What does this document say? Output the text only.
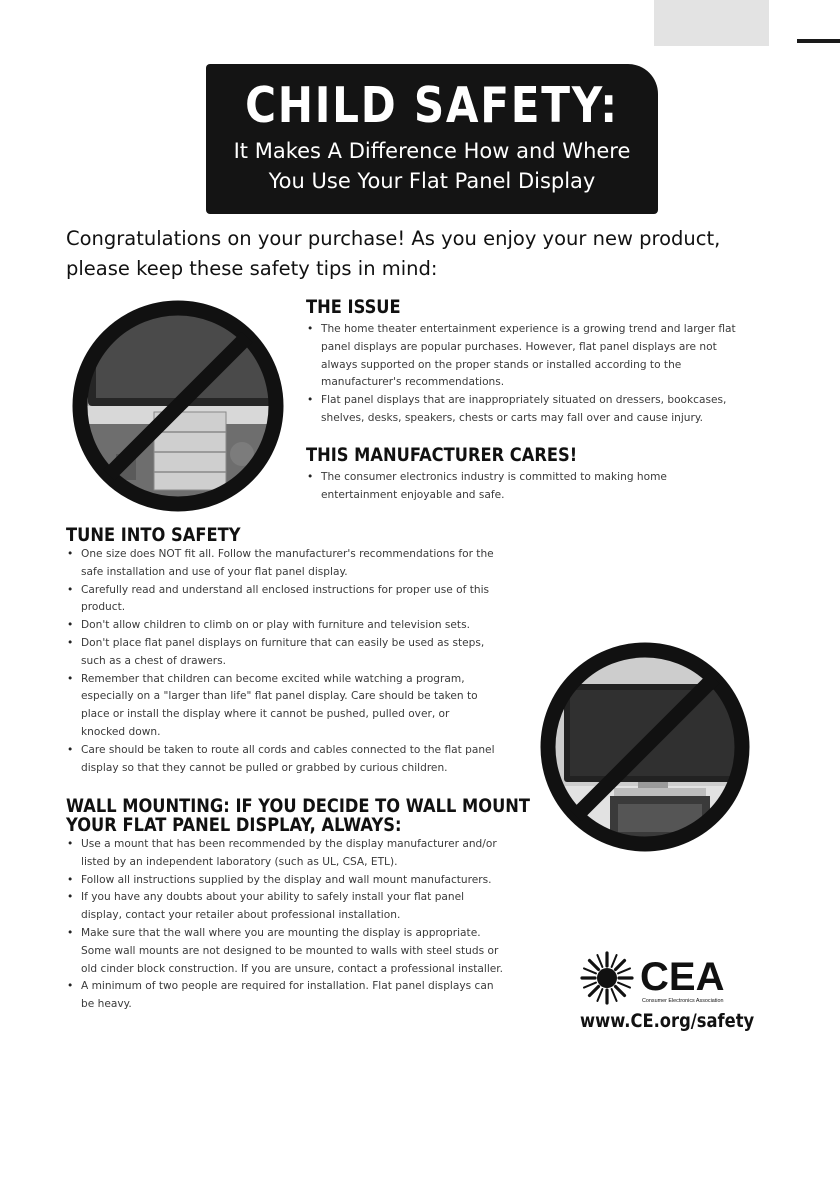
CHILD SAFETY:
It Makes A Difference How and Where
You Use Your Flat Panel Display
Congratulations on your purchase! As you enjoy your new product, please keep these safety tips in mind:
THE ISSUE
• The home theater entertainment experience is a growing trend and larger flat panel displays are popular purchases. However, flat panel displays are not always supported on the proper stands or installed according to the manufacturer's recommendations.
• Flat panel displays that are inappropriately situated on dressers, bookcases, shelves, desks, speakers, chests or carts may fall over and cause injury.
THIS MANUFACTURER CARES!
• The consumer electronics industry is committed to making home entertainment enjoyable and safe.
TUNE INTO SAFETY
• One size does NOT fit all. Follow the manufacturer's recommendations for the safe installation and use of your flat panel display.
• Carefully read and understand all enclosed instructions for proper use of this product.
• Don't allow children to climb on or play with furniture and television sets.
• Don't place flat panel displays on furniture that can easily be used as steps, such as a chest of drawers.
• Remember that children can become excited while watching a program, especially on a "larger than life" flat panel display. Care should be taken to place or install the display where it cannot be pushed, pulled over, or knocked down.
• Care should be taken to route all cords and cables connected to the flat panel display so that they cannot be pulled or grabbed by curious children.
WALL MOUNTING: IF YOU DECIDE TO WALL MOUNT
YOUR FLAT PANEL DISPLAY, ALWAYS:
• Use a mount that has been recommended by the display manufacturer and/or listed by an independent laboratory (such as UL, CSA, ETL).
• Follow all instructions supplied by the display and wall mount manufacturers.
• If you have any doubts about your ability to safely install your flat panel display, contact your retailer about professional installation.
• Make sure that the wall where you are mounting the display is appropriate. Some wall mounts are not designed to be mounted to walls with steel studs or old cinder block construction. If you are unsure, contact a professional installer.
• A minimum of two people are required for installation. Flat panel displays can be heavy.
CEA
Consumer Electronics Association
www.CE.org/safety
